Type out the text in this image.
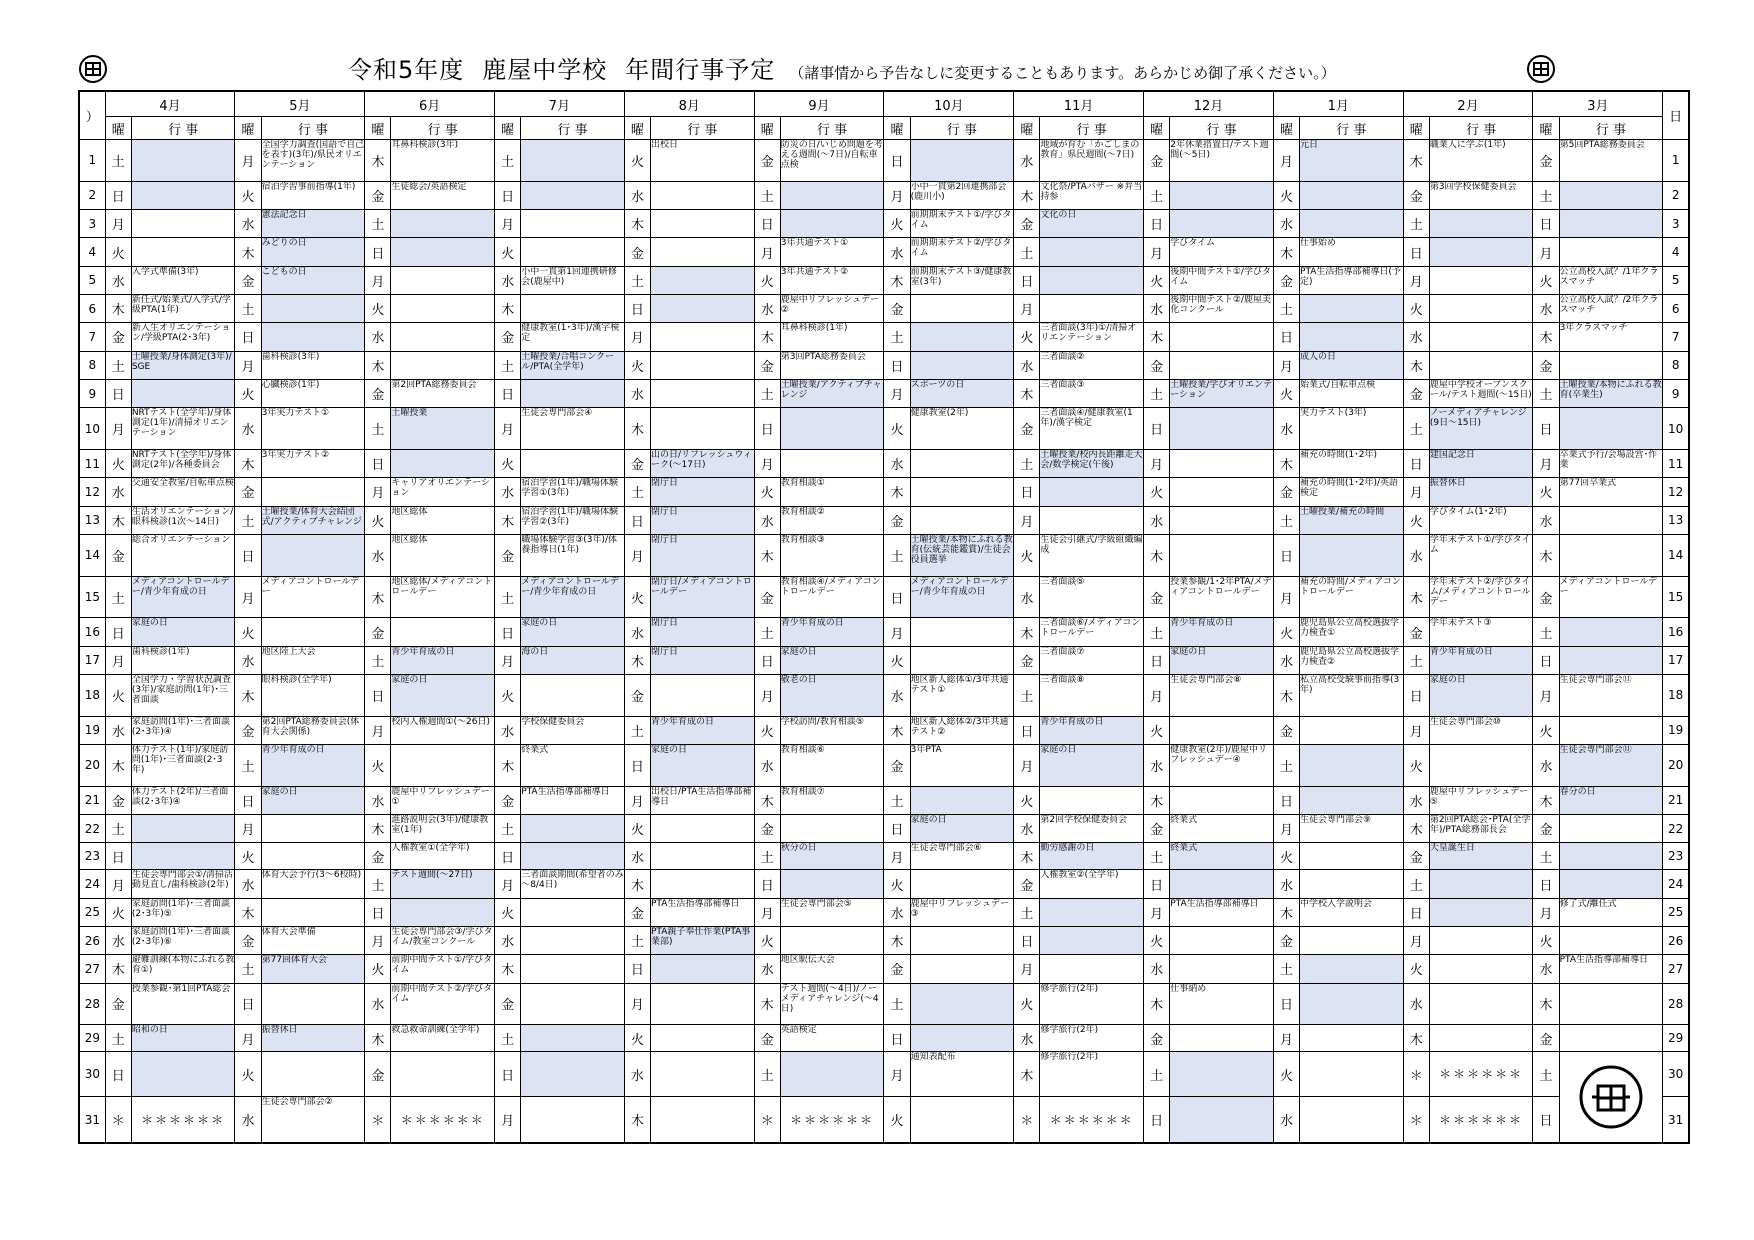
令和5年度 鹿屋中学校 年間行事予定 （諸事情から予告なしに変更することもあります。あらかじめ御了承ください。）
）	4月		5月		6月		7月		8月		9月		10月		11月		12月		1月		2月		3月		日
	曜	行 事	曜	行 事	曜	行 事	曜	行 事	曜	行 事	曜	行 事	曜	行 事	曜	行 事	曜	行 事	曜	行 事	曜	行 事	曜	行 事	
1	土		月	全国学力調査(国語で自己を表す)(3年)/県民オリエンテーション	木	耳鼻科検診(3年)	土		火	出校日	金	防災の日/いじめ問題を考える週間(～7日)/自転車点検	日		水	地域が育む「かごしまの教育」県民週間(～7日)	金	2年休業措置日/テスト週間(～5日)	月	元日	木	職業人に学ぶ(1年)	金	第5回PTA総務委員会	1
2	日		火	宿泊学習事前指導(1年)	金	生徒総会/英語検定	日		水		土		月	小中一貫第2回連携部会(鹿川小)	木	文化祭/PTAバザー ※弁当持参	土		火		金	第3回学校保健委員会	土		2
3	月		水	憲法記念日	土		月		木		日		火	前期期末テスト①/学びタイム	金	文化の日	日		水		土		日		3
4	火		木	みどりの日	日		火		金		月	3年共通テスト①	水	前期期末テスト②/学びタイム	土		月	学びタイム	木	仕事始め	日		月		4
5	水	入学式準備(3年)	金	こどもの日	月		水	小中一貫第1回連携研修会(鹿屋中)	土		火	3年共通テスト②	木	前期期末テスト③/健康教室(3年)	日		火	後期中間テスト①/学びタイム	金	PTA生活指導部補導日(予定)	月		火	公立高校入試？/1年クラスマッチ	5
6	木	新任式/始業式/入学式/学級PTA(1年)	土		火		木		日		水	鹿屋中リフレッシュデー②	金		月		水	後期中間テスト②/鹿屋美化コンクール	土		火		水	公立高校入試？/2年クラスマッチ	6
7	金	新入生オリエンテーション/学級PTA(2･3年)	日		水		金	健康教室(1･3年)/漢字検定	月		木	耳鼻科検診(1年)	土		火	三者面談(3年)①/清掃オリエンテーション	木		日		水		木	3年クラスマッチ	7
8	土	土曜授業/身体測定(3年)/SGE	月	歯科検診(3年)	木		土	土曜授業/合唱コンクール/PTA(全学年)	火		金	第3回PTA総務委員会	日		水	三者面談②	金		月	成人の日	木		金		8
9	日		火	心臓検診(1年)	金	第2回PTA総務委員会	日		水		土	土曜授業/アクティブチャレンジ	月	スポーツの日	木	三者面談③	土	土曜授業/学びオリエンテーション	火	始業式/自転車点検	金	鹿屋中学校オープンスクール/テスト週間(～15日)	土	土曜授業/本物にふれる教育(卒業生)	9
10	月	NRTテスト(全学年)/身体測定(1年)/清掃オリエンテーション	水	3年実力テスト①	土	土曜授業	月	生徒会専門部会④	木		日		火	健康教室(2年)	金	三者面談④/健康教室(1年)/漢字検定	日		水	実力テスト(3年)	土	ノーメディアチャレンジ(9日～15日)	日		10
11	火	NRTテスト(全学年)/身体測定(2年)/各種委員会	木	3年実力テスト②	日		火		金	山の日/リフレッシュウィーク(～17日)	月		水		土	土曜授業/校内長距離走大会/数学検定(午後)	月		木	補充の時間(1･2年)	日	建国記念日	月	卒業式予行/会場設営･作業	11
12	水	交通安全教室/自転車点検	金		月	キャリアオリエンテーション	水	宿泊学習(1年)/職場体験学習①(3年)	土	閉庁日	火	教育相談①	木		日		火		金	補充の時間(1･2年)/英語検定	月	振替休日	火	第77回卒業式	12
13	木	生活オリエンテーション/眼科検診(1次～14日)	土	土曜授業/体育大会結団式/アクティブチャレンジ	火	地区総体	木	宿泊学習(1年)/職場体験学習②(3年)	日	閉庁日	水	教育相談②	金		月		水		土	土曜授業/補充の時間	火	学びタイム(1･2年)	水		13
14	金	総合オリエンテーション	日		水	地区総体	金	職場体験学習③(3年)/体養指導日(1年)	月	閉庁日	木	教育相談③	土	土曜授業/本物にふれる教育(伝統芸能鑑賞)/生徒会役員選挙	火	生徒会引継式/学級組織編成	木		日		水	学年末テスト①/学びタイム	木		14
15	土	メディアコントロールデー/青少年育成の日	月	メディアコントロールデー	木	地区総体/メディアコントロールデー	土	メディアコントロールデー/青少年育成の日	火	閉庁日/メディアコントロールデー	金	教育相談④/メディアコントロールデー	日	メディアコントロールデー/青少年育成の日	水	三者面談⑤	金	授業参観/1･2年PTA/メディアコントロールデー	月	補充の時間/メディアコントロールデー	木	学年末テスト②/学びタイム/メディアコントロールデー	金	メディアコントロールデー	15
16	日	家庭の日	火		金		日	家庭の日	水	閉庁日	土	青少年育成の日	月		木	三者面談⑥/メディアコントロールデー	土	青少年育成の日	火	鹿児島県公立高校選抜学力検査①	金	学年末テスト③	土		16
17	月	歯科検診(1年)	水	地区陸上大会	土	青少年育成の日	月	海の日	木	閉庁日	日	家庭の日	火		金	三者面談⑦	日	家庭の日	水	鹿児島県公立高校選抜学力検査②	土	青少年育成の日	日		17
18	火	全国学力・学習状況調査(3年)/家庭訪問(1年)･三者面談	木	眼科検診(全学年)	日	家庭の日	火		金		月	敬老の日	水	地区新人総体①/3年共通テスト①	土	三者面談⑧	月	生徒会専門部会⑧	木	私立高校受験事前指導(3年)	日	家庭の日	月	生徒会専門部会⑪	18
19	水	家庭訪問(1年)･三者面談(2･3年)④	金	第2回PTA総務委員会(体育大会関係)	月	校内人権週間①(～26日)	水	学校保健委員会	土	青少年育成の日	火	学校訪問/教育相談⑤	木	地区新人総体②/3年共通テスト②	日	青少年育成の日	火		金		月	生徒会専門部会⑩	火		19
20	木	体力テスト(1年)/家庭訪問(1年)･三者面談(2･3年)	土	青少年育成の日	火		木	終業式	日	家庭の日	水	教育相談⑥	金	3年PTA	月	家庭の日	水	健康教室(2年)/鹿屋中リフレッシュデー④	土		火		水	生徒会専門部会⑪	20
21	金	体力テスト(2年)/三者面談(2･3年)④	日	家庭の日	水	鹿屋中リフレッシュデー①	金	PTA生活指導部補導日	月	出校日/PTA生活指導部補導日	木	教育相談⑦	土		火		木		日		水	鹿屋中リフレッシュデー⑤	木	春分の日	21
22	土		月		木	進路説明会(3年)/健康教室(1年)	土		火		金		日	家庭の日	水	第2回学校保健委員会	金	終業式	月	生徒会専門部会⑨	木	第2回PTA総会･PTA(全学年)/PTA総務部長会	金		22
23	日		火		金	人権教室①(全学年)	日		水		土	秋分の日	月	生徒会専門部会⑥	木	勤労感謝の日	土	終業式	火		金	天皇誕生日	土		23
24	月	生徒会専門部会①/清掃活動見直し/歯科検診(2年)	水	体育大会予行(3～6校時)	土	テスト週間(～27日)	月	三者面談期間(希望者のみ～8/4日)	木		日		火		金	人権教室②(全学年)	日		水		土		日		24
25	火	家庭訪問(1年)･三者面談(2･3年)⑤	木		日		火		金	PTA生活指導部補導日	月	生徒会専門部会⑤	水	鹿屋中リフレッシュデー③	土		月	PTA生活指導部補導日	木	中学校入学説明会	日		月	修了式/離任式	25
26	水	家庭訪問(1年)･三者面談(2･3年)⑥	金	体育大会準備	月	生徒会専門部会③/学びタイム/教室コンクール	水		土	PTA親子奉仕作業(PTA事業部)	火		木		日		火		金		月		火		26
27	木	避難訓練(本物にふれる教育①)	土	第77回体育大会	火	前期中間テスト①/学びタイム	木		日		水	地区駅伝大会	金		月		水		土		火		水	PTA生活指導部補導日	27
28	金	授業参観･第1回PTA総会	日		水	前期中間テスト②/学びタイム	金		月		木	テスト週間(～4日)/ノーメディアチャレンジ(～4日)	土		火	修学旅行(2年)	木	仕事納め	日		水		木		28
29	土	昭和の日	月	振替休日	木	救急救命訓練(全学年)	土		火		金	英語検定	日		水	修学旅行(2年)	金		月		木		金		29
30	日		火		金		日		水		土		月	通知表配布	木	修学旅行(2年)	土		火		＊	＊＊＊＊＊＊	土		30
31	＊	＊＊＊＊＊＊	水	生徒会専門部会②	＊	＊＊＊＊＊＊	月		木		＊	＊＊＊＊＊＊	火		＊	＊＊＊＊＊＊	日		水		＊	＊＊＊＊＊＊	日		31
